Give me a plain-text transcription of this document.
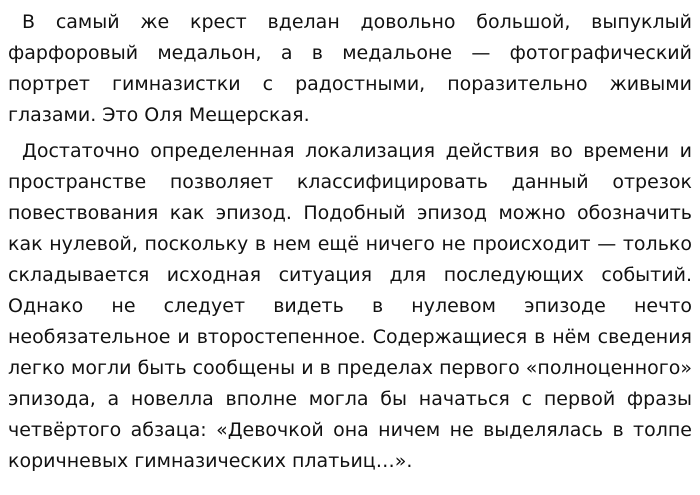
В самый же крест вделан довольно большой, выпуклый фарфоровый медальон, а в медальоне — фотографический портрет гимназистки с радостными, поразительно живыми глазами. Это Оля Мещерская.

Достаточно определенная локализация действия во времени и пространстве позволяет классифицировать данный отрезок повествования как эпизод. Подобный эпизод можно обозначить как нулевой, поскольку в нем ещё ничего не происходит — только складывается исходная ситуация для последующих событий. Однако не следует видеть в нулевом эпизоде нечто необязательное и второстепенное. Содержащиеся в нём сведения легко могли быть сообщены и в пределах первого «полноценного» эпизода, а новелла вполне могла бы начаться с первой фразы четвёртого абзаца: «Девочкой она ничем не выделялась в толпе коричневых гимназических платьиц…».
